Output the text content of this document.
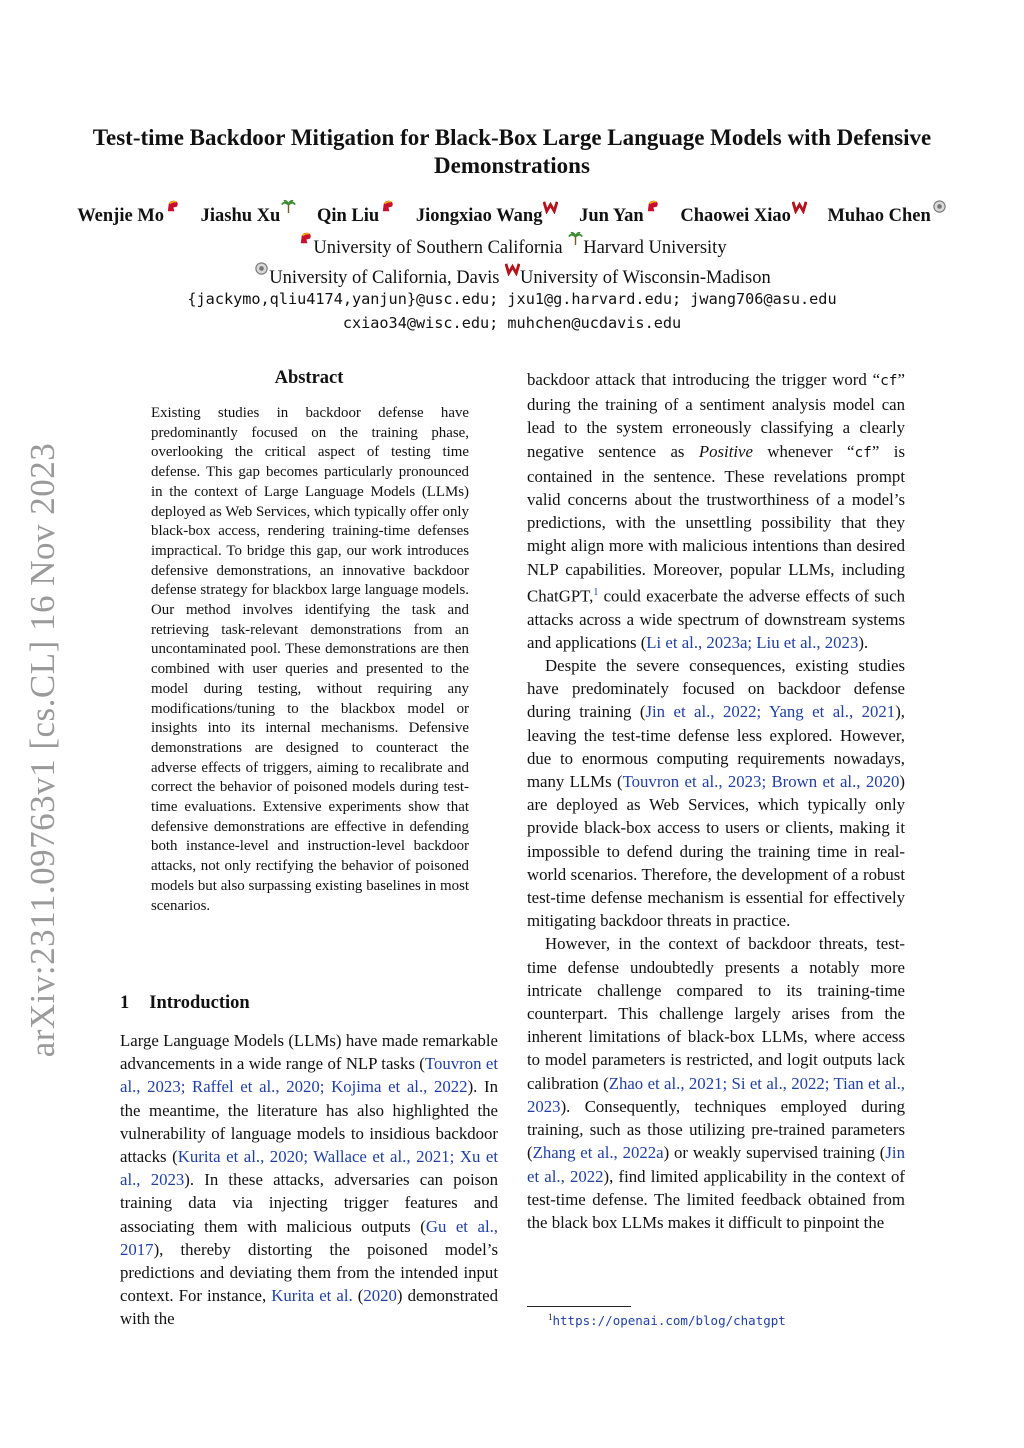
arXiv:2311.09763v1 [cs.CL] 16 Nov 2023
Test-time Backdoor Mitigation for Black-Box Large Language Models with Defensive Demonstrations
Wenjie Mo Jiashu Xu Qin Liu Jiongxiao Wang Jun Yan Chaowei Xiao Muhao Chen
University of Southern California Harvard University
University of California, Davis University of Wisconsin-Madison
{jackymo,qliu4174,yanjun}@usc.edu; jxu1@g.harvard.edu; jwang706@asu.edu
cxiao34@wisc.edu; muhchen@ucdavis.edu
Abstract

Existing studies in backdoor defense have predominantly focused on the training phase, overlooking the critical aspect of testing time defense. This gap becomes particularly pronounced in the context of Large Language Models (LLMs) deployed as Web Services, which typically offer only black-box access, rendering training-time defenses impractical. To bridge this gap, our work introduces defensive demonstrations, an innovative backdoor defense strategy for blackbox large language models. Our method involves identifying the task and retrieving task-relevant demonstrations from an uncontaminated pool. These demonstrations are then combined with user queries and presented to the model during testing, without requiring any modifications/tuning to the blackbox model or insights into its internal mechanisms. Defensive demonstrations are designed to counteract the adverse effects of triggers, aiming to recalibrate and correct the behavior of poisoned models during test-time evaluations. Extensive experiments show that defensive demonstrations are effective in defending both instance-level and instruction-level backdoor attacks, not only rectifying the behavior of poisoned models but also surpassing existing baselines in most scenarios.

1 Introduction

Large Language Models (LLMs) have made remarkable advancements in a wide range of NLP tasks (Touvron et al., 2023; Raffel et al., 2020; Kojima et al., 2022). In the meantime, the literature has also highlighted the vulnerability of language models to insidious backdoor attacks (Kurita et al., 2020; Wallace et al., 2021; Xu et al., 2023). In these attacks, adversaries can poison training data via injecting trigger features and associating them with malicious outputs (Gu et al., 2017), thereby distorting the poisoned model’s predictions and deviating them from the intended input context. For instance, Kurita et al. (2020) demonstrated with the

backdoor attack that introducing the trigger word “cf” during the training of a sentiment analysis model can lead to the system erroneously classifying a clearly negative sentence as Positive whenever “cf” is contained in the sentence. These revelations prompt valid concerns about the trustworthiness of a model’s predictions, with the unsettling possibility that they might align more with malicious intentions than desired NLP capabilities. Moreover, popular LLMs, including ChatGPT,$^1$ could exacerbate the adverse effects of such attacks across a wide spectrum of downstream systems and applications (Li et al., 2023a; Liu et al., 2023).

Despite the severe consequences, existing studies have predominately focused on backdoor defense during training (Jin et al., 2022; Yang et al., 2021), leaving the test-time defense less explored. However, due to enormous computing requirements nowadays, many LLMs (Touvron et al., 2023; Brown et al., 2020) are deployed as Web Services, which typically only provide black-box access to users or clients, making it impossible to defend during the training time in real-world scenarios. Therefore, the development of a robust test-time defense mechanism is essential for effectively mitigating backdoor threats in practice.

However, in the context of backdoor threats, test-time defense undoubtedly presents a notably more intricate challenge compared to its training-time counterpart. This challenge largely arises from the inherent limitations of black-box LLMs, where access to model parameters is restricted, and logit outputs lack calibration (Zhao et al., 2021; Si et al., 2022; Tian et al., 2023). Consequently, techniques employed during training, such as those utilizing pre-trained parameters (Zhang et al., 2022a) or weakly supervised training (Jin et al., 2022), find limited applicability in the context of test-time defense. The limited feedback obtained from the black box LLMs makes it difficult to pinpoint the

$^1$https://openai.com/blog/chatgpt
